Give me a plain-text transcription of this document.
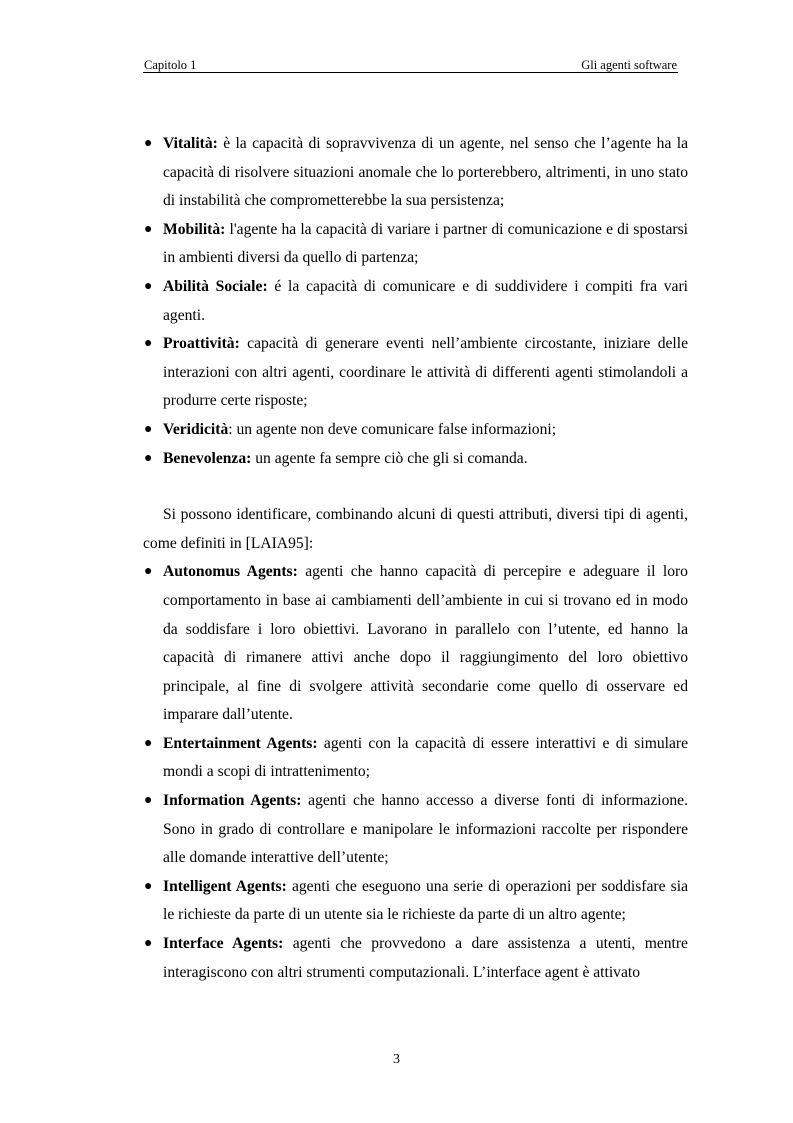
Capitolo 1	Gli agenti software
● Vitalità: è la capacità di sopravvivenza di un agente, nel senso che l’agente ha la capacità di risolvere situazioni anomale che lo porterebbero, altrimenti, in uno stato di instabilità che comprometterebbe la sua persistenza;
● Mobilità: l'agente ha la capacità di variare i partner di comunicazione e di spostarsi in ambienti diversi da quello di partenza;
● Abilità Sociale: é la capacità di comunicare e di suddividere i compiti fra vari agenti.
● Proattività: capacità di generare eventi nell’ambiente circostante, iniziare delle interazioni con altri agenti, coordinare le attività di differenti agenti stimolandoli a produrre certe risposte;
● Veridicità: un agente non deve comunicare false informazioni;
● Benevolenza: un agente fa sempre ciò che gli si comanda.

Si possono identificare, combinando alcuni di questi attributi, diversi tipi di agenti, come definiti in [LAIA95]:

● Autonomus Agents: agenti che hanno capacità di percepire e adeguare il loro comportamento in base ai cambiamenti dell’ambiente in cui si trovano ed in modo da soddisfare i loro obiettivi. Lavorano in parallelo con l’utente, ed hanno la capacità di rimanere attivi anche dopo il raggiungimento del loro obiettivo principale, al fine di svolgere attività secondarie come quello di osservare ed imparare dall’utente.
● Entertainment Agents: agenti con la capacità di essere interattivi e di simulare mondi a scopi di intrattenimento;
● Information Agents: agenti che hanno accesso a diverse fonti di informazione. Sono in grado di controllare e manipolare le informazioni raccolte per rispondere alle domande interattive dell’utente;
● Intelligent Agents: agenti che eseguono una serie di operazioni per soddisfare sia le richieste da parte di un utente sia le richieste da parte di un altro agente;
● Interface Agents: agenti che provvedono a dare assistenza a utenti, mentre interagiscono con altri strumenti computazionali. L’interface agent è attivato
3
